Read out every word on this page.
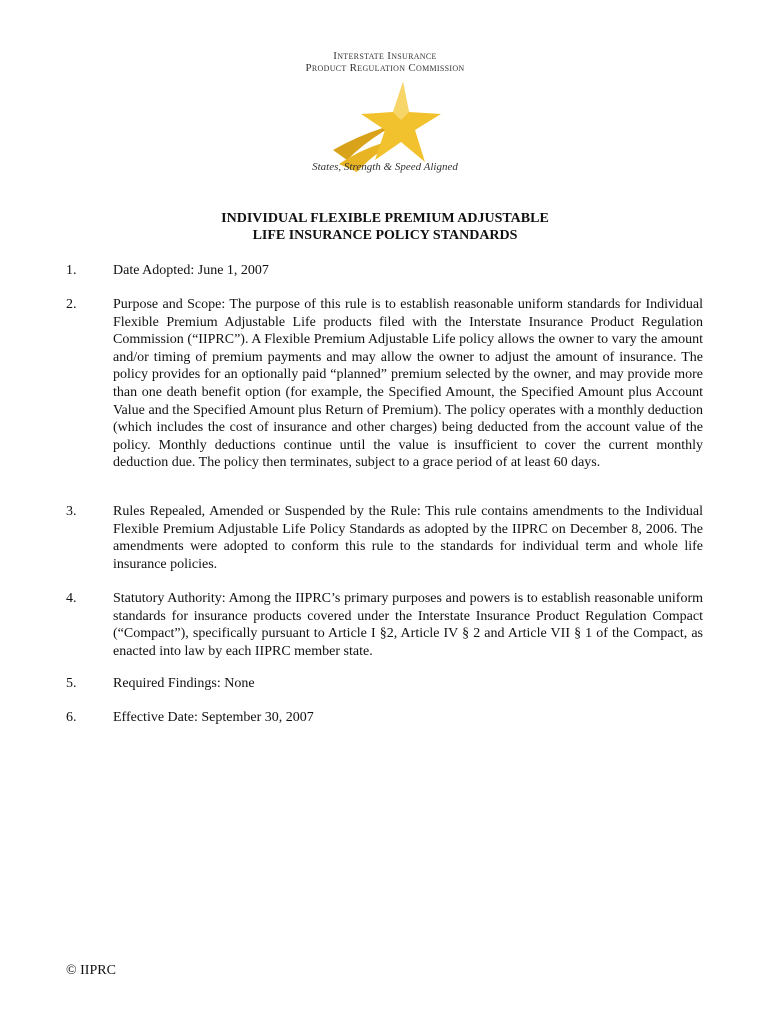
Interstate Insurance
Product Regulation Commission
States, Strength & Speed Aligned
INDIVIDUAL FLEXIBLE PREMIUM ADJUSTABLE
LIFE INSURANCE POLICY STANDARDS
1.	Date Adopted: June 1, 2007
2.	Purpose and Scope: The purpose of this rule is to establish reasonable uniform standards for Individual Flexible Premium Adjustable Life products filed with the Interstate Insurance Product Regulation Commission (“IIPRC”). A Flexible Premium Adjustable Life policy allows the owner to vary the amount and/or timing of premium payments and may allow the owner to adjust the amount of insurance. The policy provides for an optionally paid “planned” premium selected by the owner, and may provide more than one death benefit option (for example, the Specified Amount, the Specified Amount plus Account Value and the Specified Amount plus Return of Premium). The policy operates with a monthly deduction (which includes the cost of insurance and other charges) being deducted from the account value of the policy. Monthly deductions continue until the value is insufficient to cover the current monthly deduction due. The policy then terminates, subject to a grace period of at least 60 days.
3.	Rules Repealed, Amended or Suspended by the Rule: This rule contains amendments to the Individual Flexible Premium Adjustable Life Policy Standards as adopted by the IIPRC on December 8, 2006. The amendments were adopted to conform this rule to the standards for individual term and whole life insurance policies.
4.	Statutory Authority: Among the IIPRC’s primary purposes and powers is to establish reasonable uniform standards for insurance products covered under the Interstate Insurance Product Regulation Compact (“Compact”), specifically pursuant to Article I §2, Article IV § 2 and Article VII § 1 of the Compact, as enacted into law by each IIPRC member state.
5.	Required Findings: None
6.	Effective Date: September 30, 2007
© IIPRC
